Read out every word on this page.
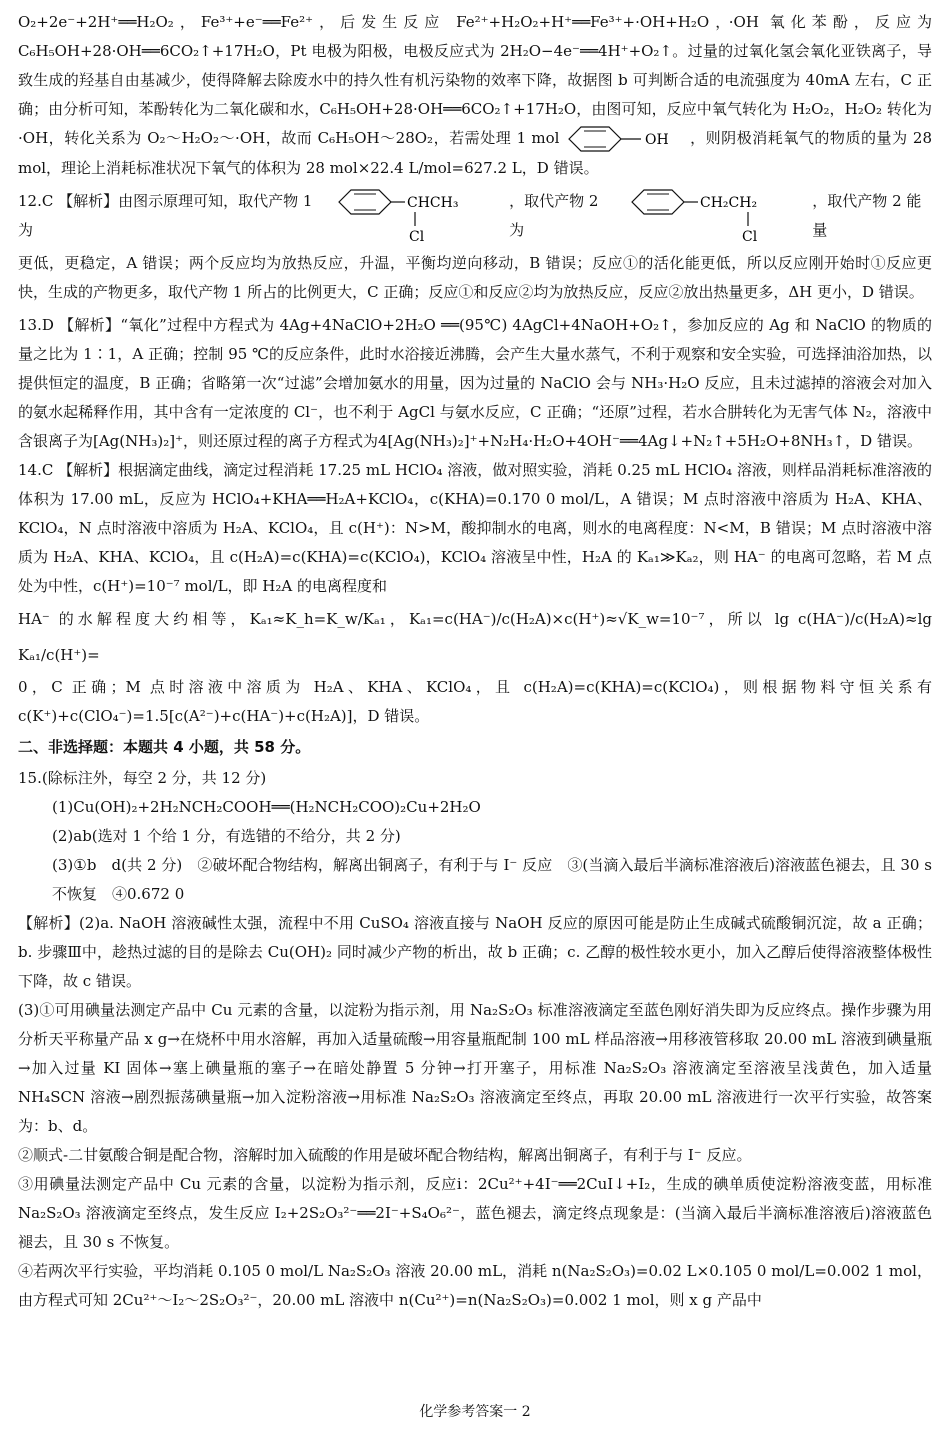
O₂+2e⁻+2H⁺══H₂O₂，Fe³⁺+e⁻══Fe²⁺，后发生反应 Fe²⁺+H₂O₂+H⁺══Fe³⁺+·OH+H₂O，·OH 氧化苯酚，反应为 C₆H₅OH+28·OH══6CO₂↑+17H₂O，Pt 电极为阳极，电极反应式为 2H₂O−4e⁻══4H⁺+O₂↑。过量的过氧化氢会氧化亚铁离子，导致生成的羟基自由基减少，使得降解去除废水中的持久性有机污染物的效率下降，故据图 b 可判断合适的电流强度为 40mA 左右，C 正确；由分析可知，苯酚转化为二氧化碳和水，C₆H₅OH+28·OH══6CO₂↑+17H₂O，由图可知，反应中氧气转化为 H₂O₂，H₂O₂ 转化为·OH，转化关系为 O₂～H₂O₂～·OH，故而 C₆H₅OH～28O₂，若需处理 1 mol	OH ，则阴极消耗氧气的物质的量为 28 mol，理论上消耗标准状况下氧气的体积为 28 mol×22.4 L/mol=627.2 L，D 错误。

12.C 【解析】由图示原理可知，取代产物 1 为
CHCH₃
Cl
，取代产物 2 为
CH₂CH₂
Cl
，取代产物 2 能量

更低，更稳定，A 错误；两个反应均为放热反应，升温，平衡均逆向移动，B 错误；反应①的活化能更低，所以反应刚开始时①反应更快，生成的产物更多，取代产物 1 所占的比例更大，C 正确；反应①和反应②均为放热反应，反应②放出热量更多，ΔH 更小，D 错误。

13.D 【解析】“氧化”过程中方程式为 4Ag+4NaClO+2H₂O ══(95℃) 4AgCl+4NaOH+O₂↑，参加反应的 Ag 和 NaClO 的物质的量之比为 1∶1，A 正确；控制 95 ℃的反应条件，此时水浴接近沸腾，会产生大量水蒸气，不利于观察和安全实验，可选择油浴加热，以提供恒定的温度，B 正确；省略第一次“过滤”会增加氨水的用量，因为过量的 NaClO 会与 NH₃·H₂O 反应，且未过滤掉的溶液会对加入的氨水起稀释作用，其中含有一定浓度的 Cl⁻，也不利于 AgCl 与氨水反应，C 正确；“还原”过程，若水合肼转化为无害气体 N₂，溶液中含银离子为[Ag(NH₃)₂]⁺，则还原过程的离子方程式为4[Ag(NH₃)₂]⁺+N₂H₄·H₂O+4OH⁻══4Ag↓+N₂↑+5H₂O+8NH₃↑，D 错误。

14.C 【解析】根据滴定曲线，滴定过程消耗 17.25 mL HClO₄ 溶液，做对照实验，消耗 0.25 mL HClO₄ 溶液，则样品消耗标准溶液的体积为 17.00 mL，反应为 HClO₄+KHA══H₂A+KClO₄，c(KHA)=0.170 0 mol/L，A 错误；M 点时溶液中溶质为 H₂A、KHA、KClO₄，N 点时溶液中溶质为 H₂A、KClO₄，且 c(H⁺)：N>M，酸抑制水的电离，则水的电离程度：N<M，B 错误；M 点时溶液中溶质为 H₂A、KHA、KClO₄，且 c(H₂A)=c(KHA)=c(KClO₄)，KClO₄ 溶液呈中性，H₂A 的 Kₐ₁≫Kₐ₂，则 HA⁻ 的电离可忽略，若 M 点处为中性，c(H⁺)=10⁻⁷ mol/L，即 H₂A 的电离程度和

HA⁻ 的水解程度大约相等，Kₐ₁≈K_h=K_w/Kₐ₁，Kₐ₁=c(HA⁻)/c(H₂A)×c(H⁺)≈√K_w=10⁻⁷，所以 lg c(HA⁻)/c(H₂A)≈lg Kₐ₁/c(H⁺)=

0，C 正确；M 点时溶液中溶质为 H₂A、KHA、KClO₄，且 c(H₂A)=c(KHA)=c(KClO₄)，则根据物料守恒关系有 c(K⁺)+c(ClO₄⁻)=1.5[c(A²⁻)+c(HA⁻)+c(H₂A)]，D 错误。

二、非选择题：本题共 4 小题，共 58 分。

15.(除标注外，每空 2 分，共 12 分)

(1)Cu(OH)₂+2H₂NCH₂COOH══(H₂NCH₂COO)₂Cu+2H₂O

(2)ab(选对 1 个给 1 分，有选错的不给分，共 2 分)

(3)①b　d(共 2 分)　②破坏配合物结构，解离出铜离子，有利于与 I⁻ 反应　③(当滴入最后半滴标准溶液后)溶液蓝色褪去，且 30 s 不恢复　④0.672 0

【解析】(2)a. NaOH 溶液碱性太强，流程中不用 CuSO₄ 溶液直接与 NaOH 反应的原因可能是防止生成碱式硫酸铜沉淀，故 a 正确；b. 步骤Ⅲ中，趁热过滤的目的是除去 Cu(OH)₂ 同时减少产物的析出，故 b 正确；c. 乙醇的极性较水更小，加入乙醇后使得溶液整体极性下降，故 c 错误。

(3)①可用碘量法测定产品中 Cu 元素的含量，以淀粉为指示剂，用 Na₂S₂O₃ 标准溶液滴定至蓝色刚好消失即为反应终点。操作步骤为用分析天平称量产品 x g→在烧杯中用水溶解，再加入适量硫酸→用容量瓶配制 100 mL 样品溶液→用移液管移取 20.00 mL 溶液到碘量瓶→加入过量 KI 固体→塞上碘量瓶的塞子→在暗处静置 5 分钟→打开塞子，用标准 Na₂S₂O₃ 溶液滴定至溶液呈浅黄色，加入适量 NH₄SCN 溶液→剧烈振荡碘量瓶→加入淀粉溶液→用标准 Na₂S₂O₃ 溶液滴定至终点，再取 20.00 mL 溶液进行一次平行实验，故答案为：b、d。

②顺式-二甘氨酸合铜是配合物，溶解时加入硫酸的作用是破坏配合物结构，解离出铜离子，有利于与 I⁻ 反应。

③用碘量法测定产品中 Cu 元素的含量，以淀粉为指示剂，反应ⅰ：2Cu²⁺+4I⁻══2CuI↓+I₂，生成的碘单质使淀粉溶液变蓝，用标准 Na₂S₂O₃ 溶液滴定至终点，发生反应 I₂+2S₂O₃²⁻══2I⁻+S₄O₆²⁻，蓝色褪去，滴定终点现象是：(当滴入最后半滴标准溶液后)溶液蓝色褪去，且 30 s 不恢复。

④若两次平行实验，平均消耗 0.105 0 mol/L Na₂S₂O₃ 溶液 20.00 mL，消耗 n(Na₂S₂O₃)=0.02 L×0.105 0 mol/L=0.002 1 mol，由方程式可知 2Cu²⁺～I₂～2S₂O₃²⁻，20.00 mL 溶液中 n(Cu²⁺)=n(Na₂S₂O₃)=0.002 1 mol，则 x g 产品中

化学参考答案一 2
